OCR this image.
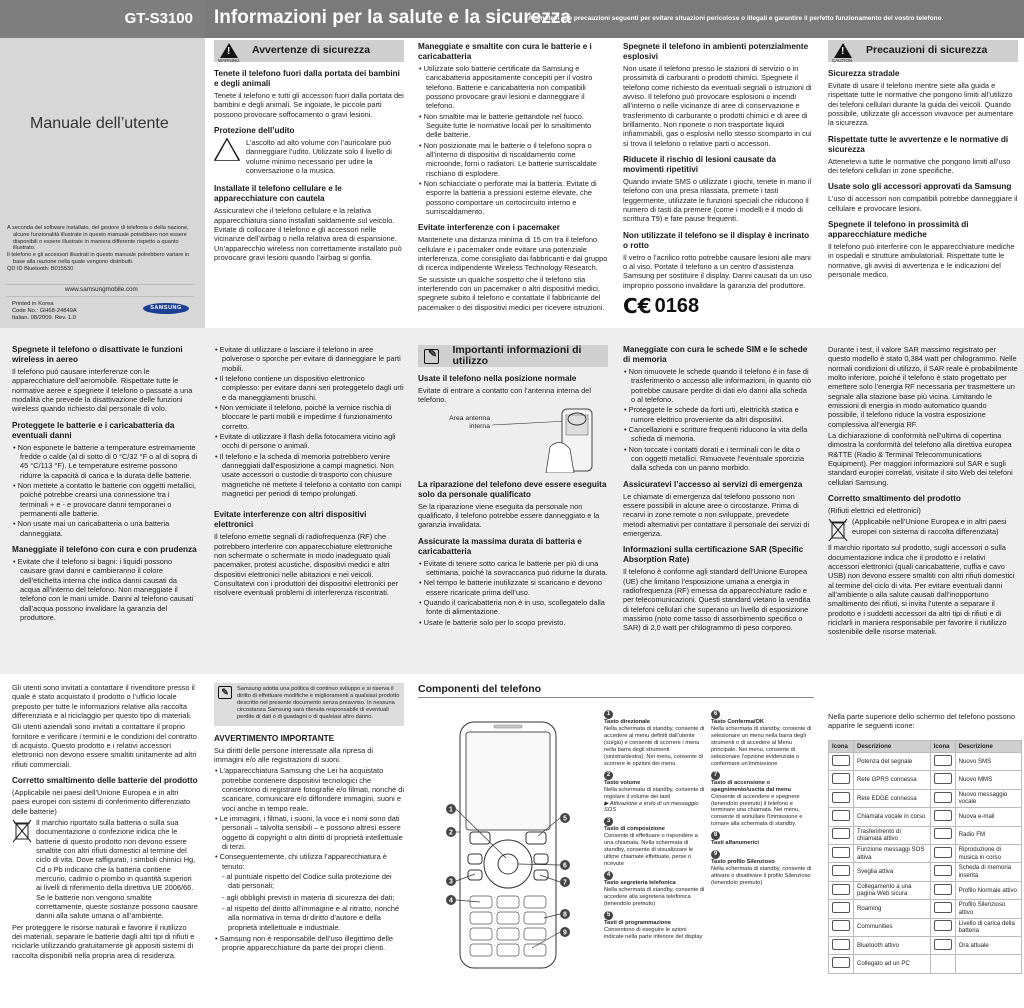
GT-S3100	Informazioni per la salute e la sicurezza
Attenetevi alle precauzioni seguenti per evitare situazioni pericolose o illegali e garantire il perfetto funzionamento del vostro telefono.
Manuale dell’utente
A seconda del software installato, del gestore di telefonia o della nazione, alcune funzionalità illustrate in questo manuale potrebbero non essere disponibili o essere illustrate in maniera differente rispetto a quanto illustrato.
Il telefono e gli accessori illustrati in questo manuale potrebbero variare in base alla nazione nella quale vengono distribuiti.
QD ID Bluetooth: B015530
www.samsungmobile.com
Printed in Korea
Code No.: GH68-24849A
Italian. 08/2009. Rev. 1.0
SAMSUNG
!
WARNING
Avvertenze di sicurezza
Tenete il telefono fuori dalla portata dei bambini e degli animali

Tenete il telefono e tutti gli accessori fuori dalla portata dei bambini e degli animali. Se ingoiate, le piccole parti possono provocare soffocamento o gravi lesioni.

Protezione dell’udito
!

L’ascolto ad alto volume con l’auricolare può danneggiare l’udito. Utilizzate solo il livello di volume minimo necessario per udire la conversazione o la musica.

Installate il telefono cellulare e le apparecchiature con cautela

Assicuratevi che il telefono cellulare e la relativa apparecchiatura siano installati saldamente sul veicolo. Evitate di collocare il telefono e gli accessori nelle vicinanze dell’airbag o nella relativa area di espansione. Un’apparecchio wireless non correttamente installato può provocare gravi lesioni quando l’airbag si gonfia.

Maneggiate e smaltite con cura le batterie e i caricabatteria
• Utilizzate solo batterie certificate da Samsung e caricabatteria appositamente concepiti per il vostro telefono. Batterie e caricabatteria non compatibili possono provocare gravi lesioni e danneggiare il telefono.
• Non smaltite mai le batterie gettandole nel fuoco. Seguite tutte le normative locali per lo smaltimento delle batterie.
• Non posizionate mai le batterie o il telefono sopra o all’interno di dispositivi di riscaldamento come microonde, forni o radiatori. Le batterie surriscaldate rischiano di esplodere.
• Non schiacciate o perforate mai la batteria. Evitate di esporre la batteria a pressioni esterne elevate, che possono comportare un cortocircuito interno e surriscaldamento.
Evitate interferenze con i pacemaker

Mantenete una distanza minima di 15 cm tra il telefono cellulare e i pacemaker onde evitare una potenziale interferenza, come consigliato dai fabbricanti e dal gruppo di ricerca indipendente Wireless Technology Research.

Se sussiste un qualche sospetto che il telefono stia interferendo con un pacemaker o altri dispositivi medici, spegnete subito il telefono e contattate il fabbricante del pacemaker o dei dispositivi medici per ricevere istruzioni.

Spegnete il telefono in ambienti potenzialmente esplosivi

Non usate il telefono presso le stazioni di servizio o in prossimità di carburanti o prodotti chimici. Spegnete il telefono come richiesto da eventuali segnali o istruzioni di avviso. Il telefono può provocare esplosioni o incendi all’interno o nelle vicinanze di aree di conservazione e trasferimento di carburante o prodotti chimici e di aree di brillamento. Non riponete o non trasportate liquidi infiammabili, gas o esplosivi nello stesso scomparto in cui si trova il telefono o relative parti o accessori.

Riducete il rischio di lesioni causate da movimenti ripetitivi

Quando inviate SMS o utilizzate i giochi, tenete in mano il telefono con una presa rilassata, premete i tasti leggermente, utilizzate le funzioni speciali che riducono il numero di tasti da premere (come i modelli e il modo di scrittura T9) e fate pause frequenti.

Non utilizzate il telefono se il display è incrinato o rotto

Il vetro o l’acrilico rotto potrebbe causare lesioni alle mani o al viso. Portate il telefono a un centro d’assistenza Samsung per sostituire il display. Danni causati da un uso improprio possono invalidare la garanzia del produttore.

C€ 0168
!
CAUTION
Precauzioni di sicurezza
Sicurezza stradale

Evitate di usare il telefono mentre siete alla guida e rispettate tutte le normative che pongono limiti all’utilizzo dei telefoni cellulari durante la guida dei veicoli. Quando possibile, utilizzate gli accessori vivavoce per aumentare la sicurezza.

Rispettate tutte le avvertenze e le normative di sicurezza

Attenetevi a tutte le normative che pongono limiti all’uso dei telefoni cellulari in zone specifiche.

Usate solo gli accessori approvati da Samsung

L’uso di accessori non compatibili potrebbe danneggiare il cellulare e provocare lesioni.

Spegnete il telefono in prossimità di apparecchiature mediche

Il telefono può interferire con le apparecchiature mediche in ospedali e strutture ambulatoriali. Rispettate tutte le normative, gli avvisi di avvertenza e le indicazioni del personale medico.

Spegnete il telefono o disattivate le funzioni wireless in aereo

Il telefono può causare interferenze con le apparecchiature dell’aeromobile. Rispettate tutte le normative aeree e spegnete il telefono o passate a una modalità che prevede la disattivazione delle funzioni wireless quando richiesto dal personale di volo.

Proteggete le batterie e i caricabatteria da eventuali danni
• Non esponete le batterie a temperature estremamente fredde o calde (al di sotto di 0 °C/32 °F o al di sopra di 45 °C/113 °F). Le temperature estreme possono ridurre la capacità di carica e la durata delle batterie.
• Non mettete a contatto le batterie con oggetti metallici, poiché potrebbe crearsi una connessione tra i terminali + e - e provocare danni temporanei o permanenti alle batterie.
• Non usate mai un caricabatteria o una batteria danneggiata.
Maneggiate il telefono con cura e con prudenza
• Evitate che il telefono si bagni: i liquidi possono causare gravi danni e cambieranno il colore dell’etichetta interna che indica danni causati da acqua all’interno del telefono. Non maneggiate il telefono con le mani umide. Danni al telefono causati dall’acqua possono invalidare la garanzia del produttore.
• Evitate di utilizzare o lasciare il telefono in aree polverose o sporche per evitare di danneggiare le parti mobili.
• Il telefono contiene un dispositivo elettronico complesso: per evitare danni seri proteggetelo dagli urti e da maneggiamenti bruschi.
• Non verniciate il telefono, poiché la vernice rischia di bloccare le parti mobili e impedirne il funzionamento corretto.
• Evitate di utilizzare il flash della fotocamera vicino agli occhi di persone o animali.
• Il telefono e la scheda di memoria potrebbero venire danneggiati dall’esposizione a campi magnetici. Non usate accessori o custodie di trasporto con chiusure magnetiche né mettete il telefono a contatto con campi magnetici per periodi di tempo prolungati.
Evitate interferenze con altri dispositivi elettronici

Il telefono emette segnali di radiofrequenza (RF) che potrebbero interferire con apparecchiature elettroniche non schermate o schermate in modo inadeguato quali pacemaker, protesi acustiche, dispositivi medici e altri dispositivi elettronici nelle abitazioni e nei veicoli. Consultatevi con i produttori dei dispositivi elettronici per risolvere eventuali problemi di interferenza riscontrati.

✎ Importanti informazioni di utilizzo
Usate il telefono nella posizione normale

Evitate di entrare a contatto con l’antenna interna del telefono.

Area antenna interna
La riparazione del telefono deve essere eseguita solo da personale qualificato

Se la riparazione viene eseguita da personale non qualificato, il telefono potrebbe essere danneggiato e la garanzia invalidata.

Assicurate la massima durata di batteria e caricabatteria
• Evitate di tenere sotto carica le batterie per più di una settimana, poiché la sovraccarica può ridurne la durata.
• Nel tempo le batterie inutilizzate si scaricano e devono essere ricaricate prima dell’uso.
• Quando il caricabatteria non è in uso, scollegatelo dalla fonte di alimentazione.
• Usate le batterie solo per lo scopo previsto.
Maneggiate con cura le schede SIM e le schede di memoria
• Non rimuovete le schede quando il telefono è in fase di trasferimento o accesso alle informazioni, in quanto ciò potrebbe causare perdite di dati e/o danni alla scheda o al telefono.
• Proteggete le schede da forti urti, elettricità statica e rumore elettrico proveniente da altri dispositivi.
• Cancellazioni e scritture frequenti riducono la vita della scheda di memoria.
• Non toccate i contatti dorati e i terminali con le dita o con oggetti metallici. Rimuovete l’eventuale sporcizia dalla scheda con un panno morbido.
Assicuratevi l’accesso ai servizi di emergenza

Le chiamate di emergenza dal telefono possono non essere possibili in alcune aree o circostanze. Prima di recarvi in zone remote o non sviluppate, prevedete metodi alternativi per contattare il personale dei servizi di emergenza.

Informazioni sulla certificazione SAR (Specific Absorption Rate)

Il telefono è conforme agli standard dell’Unione Europea (UE) che limitano l’esposizione umana a energia in radiofrequenza (RF) emessa da apparecchiature radio e per telecomunicazioni. Questi standard vietano la vendita di telefoni cellulari che superano un livello di esposizione massimo (noto come tasso di assorbimento specifico o SAR) di 2,0 watt per chilogrammo di peso corporeo.

Durante i test, il valore SAR massimo registrato per questo modello è stato 0,384 watt per chilogrammo. Nelle normali condizioni di utilizzo, il SAR reale è probabilmente molto inferiore, poiché il telefono è stato progettato per emettere solo l’energia RF necessaria per trasmettere un segnale alla stazione base più vicina. Limitando le emissioni di energia in modo automatico quando possibile, il telefono riduce la vostra esposizione complessiva all’energia RF.

La dichiarazione di conformità nell’ultima di copertina dimostra la conformità del telefono alla direttiva europea R&TTE (Radio & Terminal Telecommunications Equipment). Per maggiori informazioni sul SAR e sugli standard europei correlati, visitate il sito Web dei telefoni cellulari Samsung.

Corretto smaltimento del prodotto

(Rifiuti elettrici ed elettronici)

(Applicabile nell’Unione Europea e in altri paesi europei con sistema di raccolta differenziata)

Il marchio riportato sul prodotto, sugli accessori o sulla documentazione indica che il prodotto e i relativi accessori elettronici (quali caricabatterie, cuffia e cavo USB) non devono essere smaltiti con altri rifiuti domestici al termine del ciclo di vita. Per evitare eventuali danni all’ambiente o alla salute causati dall’inopportuno smaltimento dei rifiuti, si invita l’utente a separare il prodotto e i suddetti accessori da altri tipi di rifiuti e di riciclarli in maniera responsabile per favorire il riutilizzo sostenibile delle risorse materiali.

Gli utenti sono invitati a contattare il rivenditore presso il quale è stato acquistato il prodotto o l’ufficio locale preposto per tutte le informazioni relative alla raccolta differenziata e al riciclaggio per questo tipo di materiali.

Gli utenti aziendali sono invitati a contattare il proprio fornitore e verificare i termini e le condizioni del contratto di acquisto. Questo prodotto e i relativi accessori elettronici non devono essere smaltiti unitamente ad altri rifiuti commerciali.

Corretto smaltimento delle batterie del prodotto

(Applicabile nei paesi dell’Unione Europea e in altri paesi europei con sistemi di conferimento differenziato delle batterie)

Il marchio riportato sulla batteria o sulla sua documentazione o confezione indica che le batterie di questo prodotto non devono essere smaltite con altri rifiuti domestici al termine del ciclo di vita. Dove raffigurati, i simboli chimici Hg, Cd o Pb indicano che la batteria contiene mercurio, cadmio o piombo in quantità superiori ai livelli di riferimento della direttiva UE 2006/66. Se le batterie non vengono smaltite correttamente, queste sostanze possono causare danni alla salute umana o all’ambiente.

Per proteggere le risorse naturali e favorire il riutilizzo dei materiali, separare le batterie dagli altri tipi di rifiuti e riciclarle utilizzando gratuitamente gli appositi sistemi di raccolta disponibili nella propria area di residenza.

✎	Samsung adotta una politica di continuo sviluppo e si riserva il diritto di effettuare modifiche e miglioramenti a qualsiasi prodotto descritto nel presente documento senza preavviso. In nessuna circostanza Samsung sarà ritenuta responsabile di eventuali perdite di dati o di guadagni o di qualsiasi altro danno.

AVVERTIMENTO IMPORTANTE

Sui diritti delle persone interessate alla ripresa di immagini e/o alle registrazioni di suoni.

• L’apparecchiatura Samsung che Lei ha acquistato potrebbe contenere dispositivi tecnologici che consentono di registrare fotografie e/o filmati, nonché di scaricare, comunicare e/o diffondere immagini, suoni e voci anche in tempo reale.
• Le immagini, i filmati, i suoni, la voce e i nomi sono dati personali – talvolta sensibili – e possono altresì essere oggetto di copyright o altri diritti di proprietà intellettuale di terzi.
• Conseguentemente, chi utilizza l’apparecchiatura è tenuto:

- al puntuale rispetto del Codice sulla protezione dei dati personali;

- agli obblighi previsti in materia di sicurezza dei dati;

- al rispetto del diritto all’immagine e al ritratto, nonché alla normativa in tema di diritto d’autore e della proprietà intellettuale e industriale.

• Samsung non è responsabile dell’uso illegittimo delle proprie apparecchiature da parte dei propri clienti.
Componenti del telefono
1
2
3
4
5
6
7
8
9
1
Tasto direzionale
Nella schermata di standby, consente di accedere ai menu definiti dall’utente (su/giù) e consente di scorrere i menu nella barra degli strumenti (sinistra/destra). Nei menu, consente di scorrere le opzioni dei menu
2
Tasto volume
Nella schermata di standby, consente di regolare il volume dei tasti
▶ Attivazione e invio di un messaggio SOS
3
Tasto di composizione
Consente di effettuare o rispondere a una chiamata. Nella schermata di standby, consente di visualizzare le ultime chiamate effettuate, perse o ricevute
4
Tasto segreteria telefonica
Nella schermata di standby, consente di accedere alla segreteria telefonica (tenendolo premuto)
5
Tasti di programmazione
Consentono di eseguire le azioni indicate nella parte inferiore del display
6
Tasto Conferma/OK
Nella schermata di standby, consente di selezionare un menu nella barra degli strumenti o di accedere al Menu principale. Nei menu, consente di selezionare l’opzione evidenziata o confermare un’immissione
7
Tasto di accensione o spegnimento/uscita dal menu
Consente di accendere e spegnere (tenendolo premuto) il telefono e terminare una chiamata. Nei menu, consente di annullare l’immissione e tornare alla schermata di standby.
8
Tasti alfanumerici

9
Tasto profilo Silenzioso
Nella schermata di standby, consente di attivare o disattivare il profilo Silenzioso (tenendolo premuto)
Nella parte superiore dello schermo del telefono possono apparire le seguenti icone:
Icona	Descrizione	Icona	Descrizione
	Potenza del segnale		Nuovo SMS
	Rete GPRS connessa		Nuovo MMS
	Rete EDGE connessa		Nuovo messaggio vocale
	Chiamata vocale in corso		Nuova e-mail
	Trasferimento di chiamata attivo		Radio FM
	Funzione messaggi SOS attiva		Riproduzione di musica in corso
	Sveglia attiva		Scheda di memoria inserita
	Collegamento a una pagina Web sicura		Profilo Normale attivo
	Roaming		Profilo Silenzioso attivo
	Communities		Livello di carica della batteria
	Bluetooth attivo		Ora attuale
	Collegato ad un PC		
